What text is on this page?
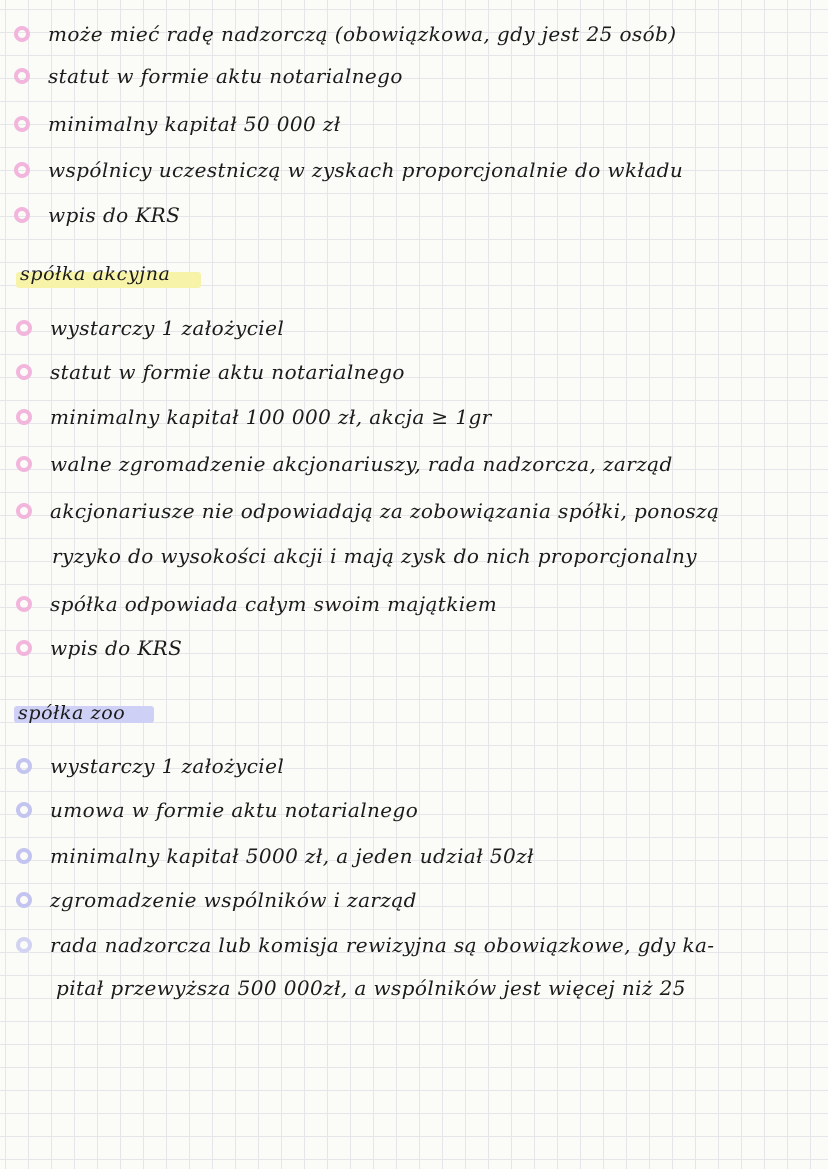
może mieć radę nadzorczą (obowiązkowa, gdy jest 25 osób)
statut w formie aktu notarialnego
minimalny kapitał 50 000 zł
wspólnicy uczestniczą w zyskach proporcjonalnie do wkładu
wpis do KRS
spółka akcyjna
wystarczy 1 założyciel
statut w formie aktu notarialnego
minimalny kapitał 100 000 zł, akcja ≥ 1gr
walne zgromadzenie akcjonariuszy, rada nadzorcza, zarząd
akcjonariusze nie odpowiadają za zobowiązania spółki, ponoszą
ryzyko do wysokości akcji i mają zysk do nich proporcjonalny
spółka odpowiada całym swoim majątkiem
wpis do KRS
spółka zoo
wystarczy 1 założyciel
umowa w formie aktu notarialnego
minimalny kapitał 5000 zł, a jeden udział 50zł
zgromadzenie wspólników i zarząd
rada nadzorcza lub komisja rewizyjna są obowiązkowe, gdy ka-
pitał przewyższa 500 000zł, a wspólników jest więcej niż 25
